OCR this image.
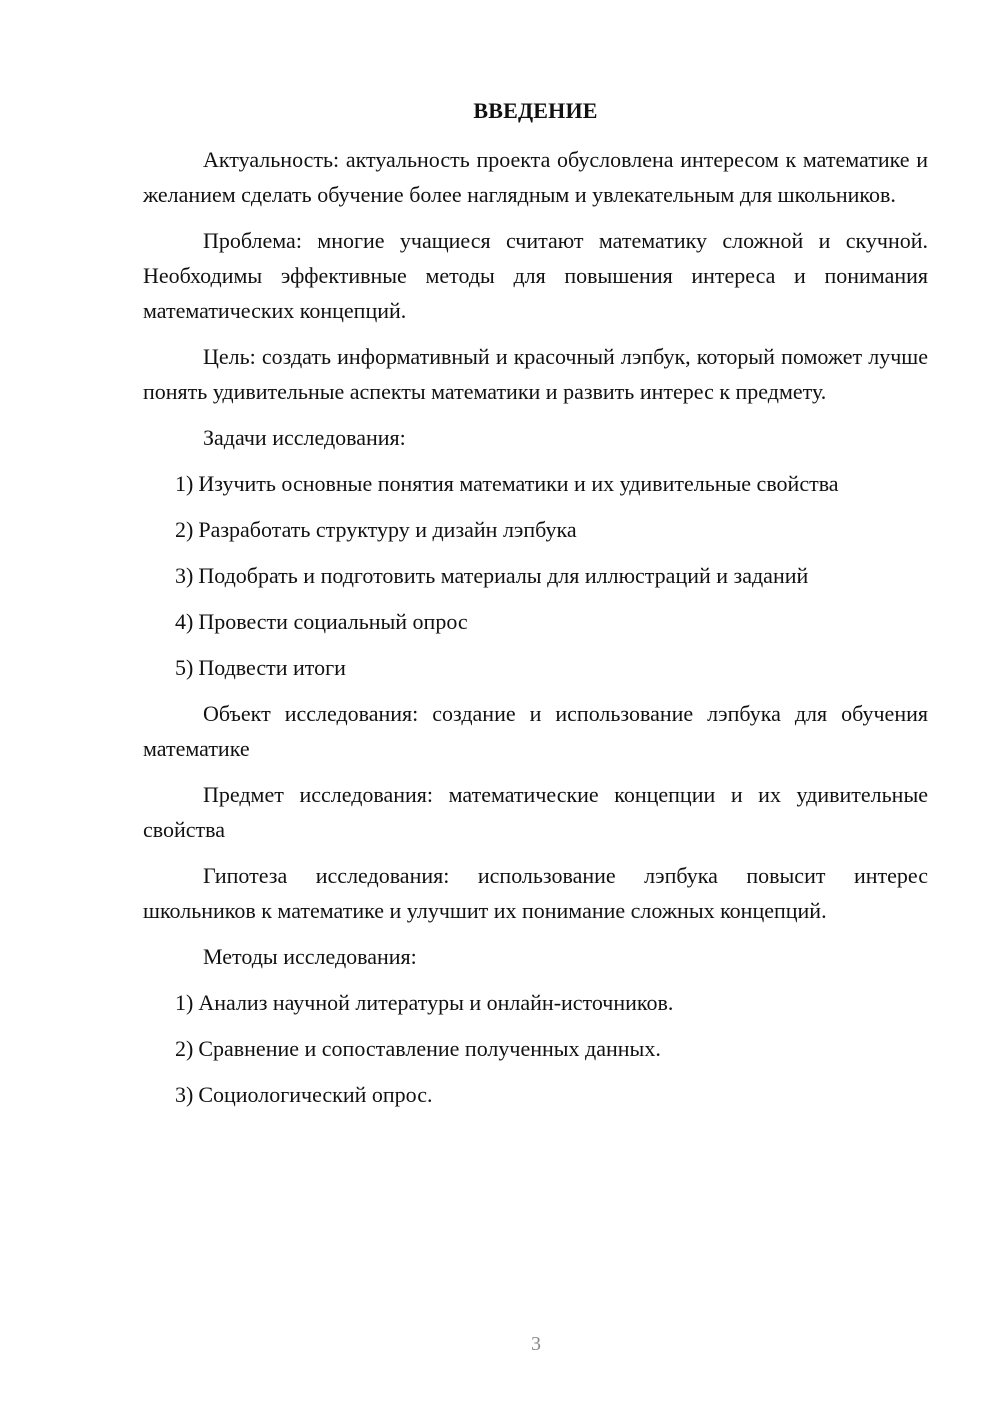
ВВЕДЕНИЕ

Актуальность: актуальность проекта обусловлена интересом к математике и желанием сделать обучение более наглядным и увлекательным для школьников.

Проблема: многие учащиеся считают математику сложной и скучной. Необходимы эффективные методы для повышения интереса и понимания математических концепций.

Цель: создать информативный и красочный лэпбук, который поможет лучше понять удивительные аспекты математики и развить интерес к предмету.

Задачи исследования:

1) Изучить основные понятия математики и их удивительные свойства
2) Разработать структуру и дизайн лэпбука
3) Подобрать и подготовить материалы для иллюстраций и заданий
4) Провести социальный опрос
5) Подвести итоги

Объект исследования: создание и использование лэпбука для обучения математике

Предмет исследования: математические концепции и их удивительные свойства

Гипотеза исследования: использование лэпбука повысит интерес школьников к математике и улучшит их понимание сложных концепций.

Методы исследования:

1) Анализ научной литературы и онлайн-источников.
2) Сравнение и сопоставление полученных данных.
3) Социологический опрос.
3
